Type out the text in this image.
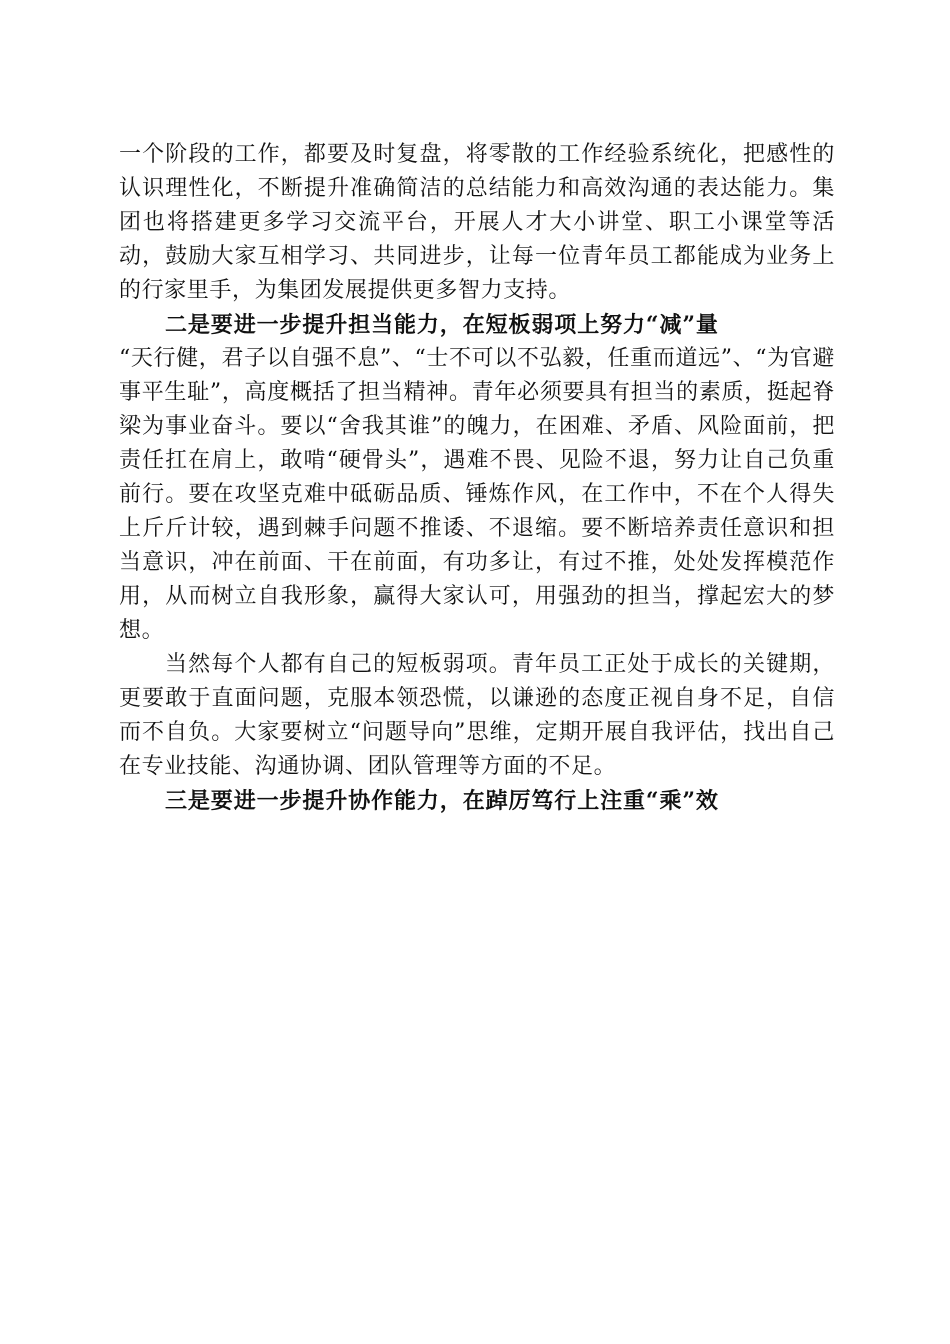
一个阶段的工作，都要及时复盘，将零散的工作经验系统化，把感性的认识理性化，不断提升准确简洁的总结能力和高效沟通的表达能力。集团也将搭建更多学习交流平台，开展人才大小讲堂、职工小课堂等活动，鼓励大家互相学习、共同进步，让每一位青年员工都能成为业务上的行家里手，为集团发展提供更多智力支持。

二是要进一步提升担当能力，在短板弱项上努力“减”量

“天行健，君子以自强不息”、“士不可以不弘毅，任重而道远”、“为官避事平生耻”，高度概括了担当精神。青年必须要具有担当的素质，挺起脊梁为事业奋斗。要以“舍我其谁”的魄力，在困难、矛盾、风险面前，把责任扛在肩上，敢啃“硬骨头”，遇难不畏、见险不退，努力让自己负重前行。要在攻坚克难中砥砺品质、锤炼作风，在工作中，不在个人得失上斤斤计较，遇到棘手问题不推诿、不退缩。要不断培养责任意识和担当意识，冲在前面、干在前面，有功多让，有过不推，处处发挥模范作用，从而树立自我形象，赢得大家认可，用强劲的担当，撑起宏大的梦想。

当然每个人都有自己的短板弱项。青年员工正处于成长的关键期，更要敢于直面问题，克服本领恐慌，以谦逊的态度正视自身不足，自信而不自负。大家要树立“问题导向”思维，定期开展自我评估，找出自己在专业技能、沟通协调、团队管理等方面的不足。

三是要进一步提升协作能力，在踔厉笃行上注重“乘”效
